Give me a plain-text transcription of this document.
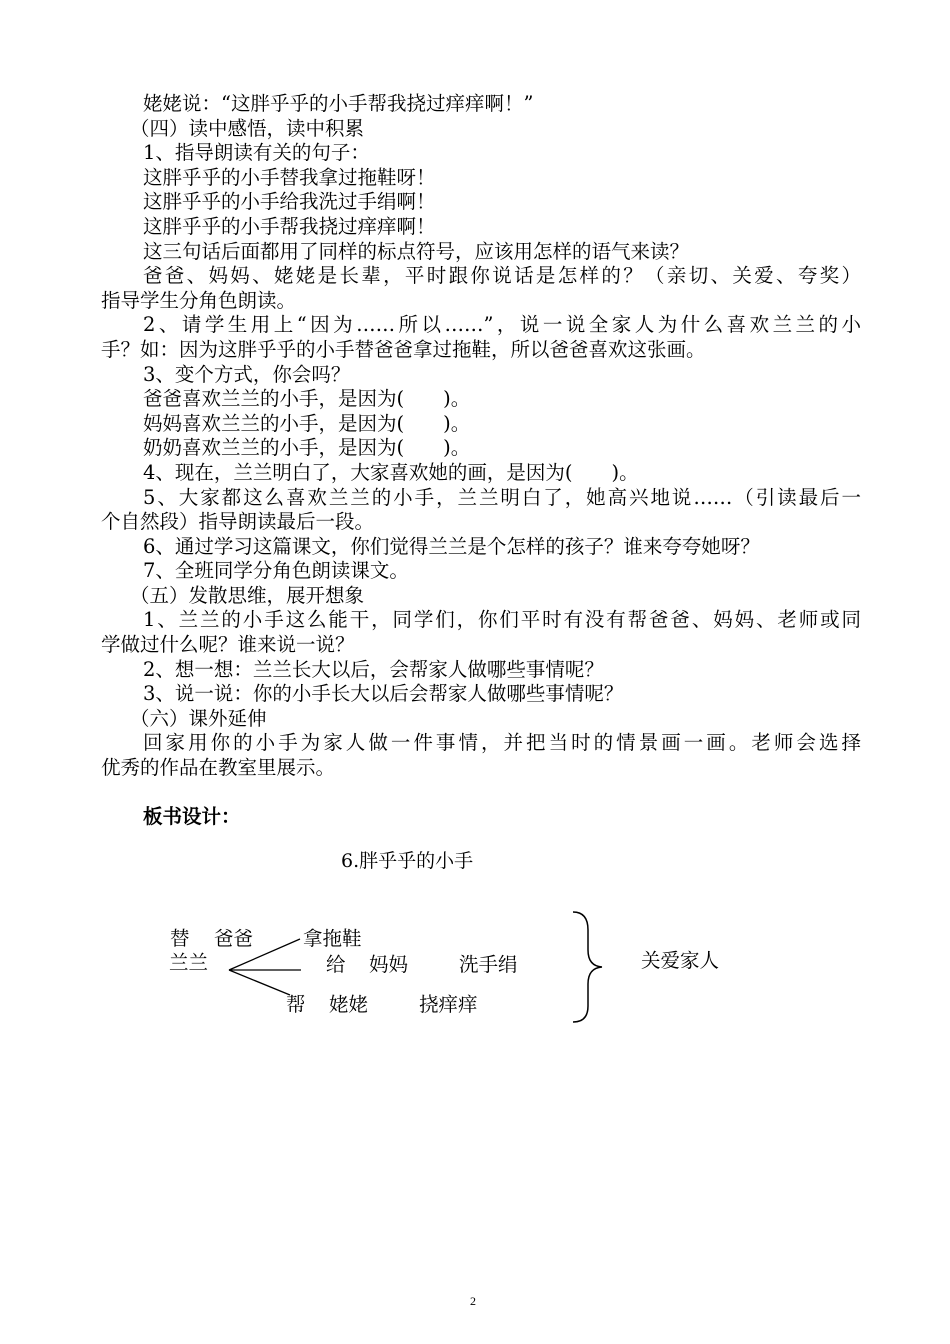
姥姥说：“这胖乎乎的小手帮我挠过痒痒啊！”
（四）读中感悟，读中积累
1、指导朗读有关的句子：
这胖乎乎的小手替我拿过拖鞋呀！
这胖乎乎的小手给我洗过手绢啊！
这胖乎乎的小手帮我挠过痒痒啊！
这三句话后面都用了同样的标点符号，应该用怎样的语气来读？
爸爸、妈妈、姥姥是长辈，平时跟你说话是怎样的？（亲切、关爱、夸奖）
指导学生分角色朗读。
2、请学生用上“因为……所以……”，说一说全家人为什么喜欢兰兰的小
手？如：因为这胖乎乎的小手替爸爸拿过拖鞋，所以爸爸喜欢这张画。
3、变个方式，你会吗？
爸爸喜欢兰兰的小手，是因为(　　)。
妈妈喜欢兰兰的小手，是因为(　　)。
奶奶喜欢兰兰的小手，是因为(　　)。
4、现在，兰兰明白了，大家喜欢她的画，是因为(　　)。
5、大家都这么喜欢兰兰的小手，兰兰明白了，她高兴地说……（引读最后一
个自然段）指导朗读最后一段。
6、通过学习这篇课文，你们觉得兰兰是个怎样的孩子？谁来夸夸她呀？
7、全班同学分角色朗读课文。
（五）发散思维，展开想象
1、兰兰的小手这么能干，同学们，你们平时有没有帮爸爸、妈妈、老师或同
学做过什么呢？谁来说一说？
2、想一想：兰兰长大以后，会帮家人做哪些事情呢？
3、说一说：你的小手长大以后会帮家人做哪些事情呢？
（六）课外延伸
回家用你的小手为家人做一件事情，并把当时的情景画一画。老师会选择
优秀的作品在教室里展示。
板书设计：
6.胖乎乎的小手
替 爸爸	拿拖鞋
兰兰	给 妈妈	洗手绢
帮 姥姥	挠痒痒
关爱家人
2
